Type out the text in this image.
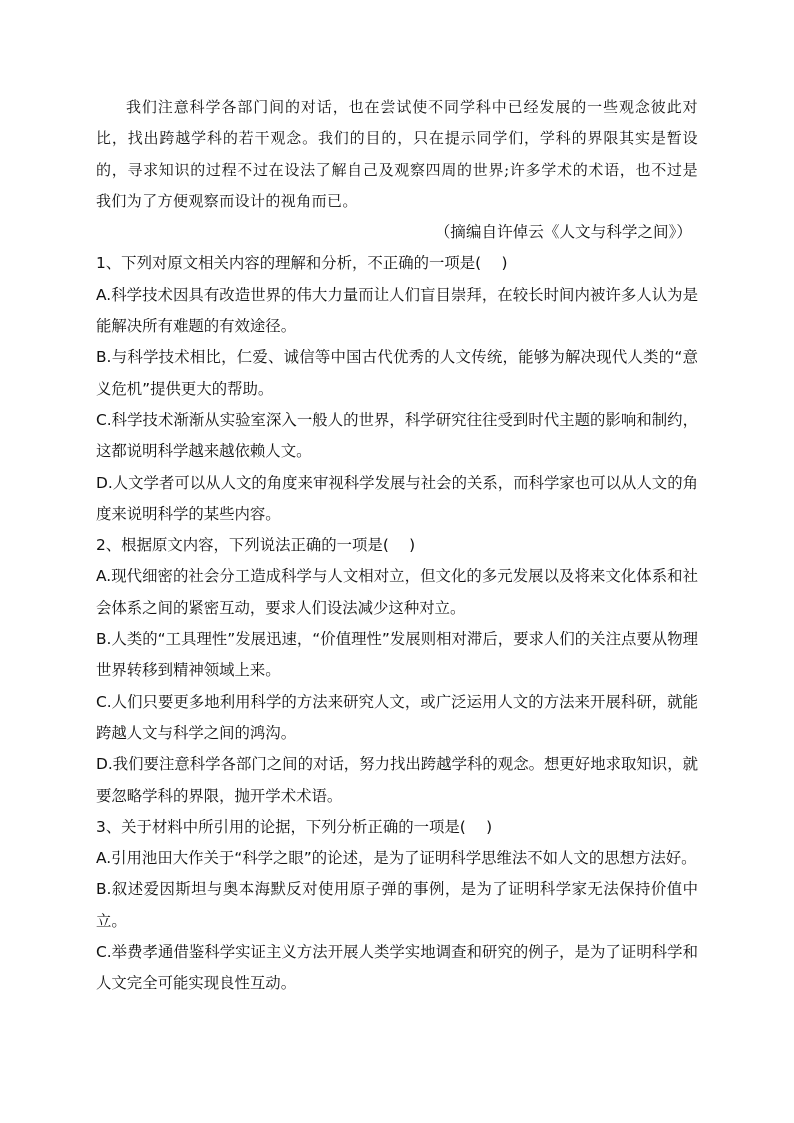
我们注意科学各部门间的对话，也在尝试使不同学科中已经发展的一些观念彼此对比，找出跨越学科的若干观念。我们的目的，只在提示同学们，学科的界限其实是暂设的，寻求知识的过程不过在设法了解自己及观察四周的世界;许多学术的术语，也不过是我们为了方便观察而设计的视角而已。

（摘编自许倬云《人文与科学之间》）

1、下列对原文相关内容的理解和分析，不正确的一项是(　 )

A.科学技术因具有改造世界的伟大力量而让人们盲目崇拜，在较长时间内被许多人认为是能解决所有难题的有效途径。

B.与科学技术相比，仁爱、诚信等中国古代优秀的人文传统，能够为解决现代人类的“意义危机”提供更大的帮助。

C.科学技术渐渐从实验室深入一般人的世界，科学研究往往受到时代主题的影响和制约，这都说明科学越来越依赖人文。

D.人文学者可以从人文的角度来审视科学发展与社会的关系，而科学家也可以从人文的角度来说明科学的某些内容。

2、根据原文内容，下列说法正确的一项是(　 )

A.现代细密的社会分工造成科学与人文相对立，但文化的多元发展以及将来文化体系和社会体系之间的紧密互动，要求人们设法减少这种对立。

B.人类的“工具理性”发展迅速，“价值理性”发展则相对滞后，要求人们的关注点要从物理世界转移到精神领域上来。

C.人们只要更多地利用科学的方法来研究人文，或广泛运用人文的方法来开展科研，就能跨越人文与科学之间的鸿沟。

D.我们要注意科学各部门之间的对话，努力找出跨越学科的观念。想更好地求取知识，就要忽略学科的界限，抛开学术术语。

3、关于材料中所引用的论据，下列分析正确的一项是(　 )

A.引用池田大作关于“科学之眼”的论述，是为了证明科学思维法不如人文的思想方法好。

B.叙述爱因斯坦与奥本海默反对使用原子弹的事例，是为了证明科学家无法保持价值中立。

C.举费孝通借鉴科学实证主义方法开展人类学实地调查和研究的例子，是为了证明科学和人文完全可能实现良性互动。
